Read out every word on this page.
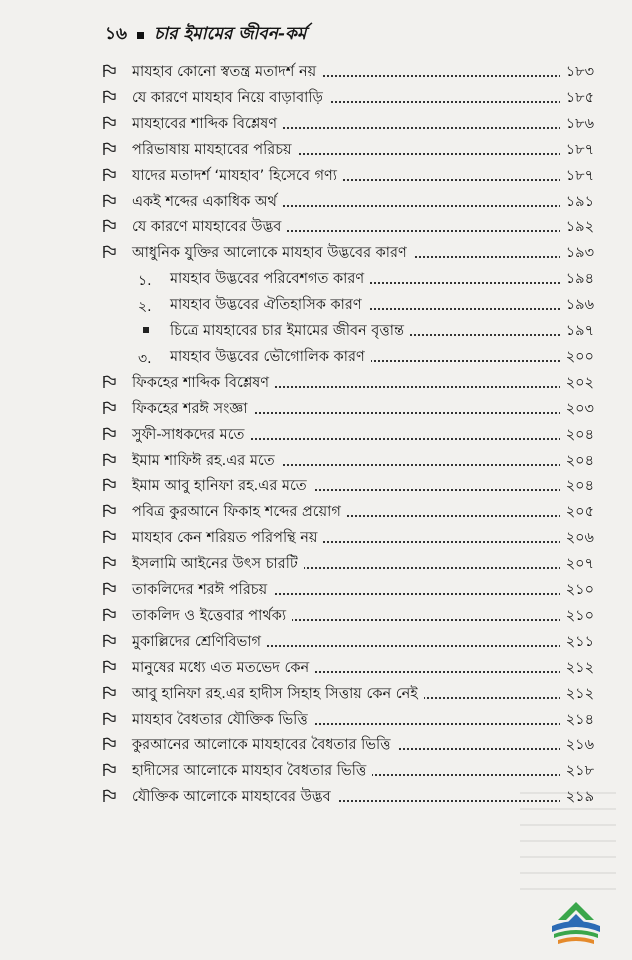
১৬ চার ইমামের জীবন-কর্ম
মাযহাব কোনো স্বতন্ত্র মতাদর্শ নয়	১৮৩
যে কারণে মাযহাব নিয়ে বাড়াবাড়ি	১৮৫
মাযহাবের শাব্দিক বিশ্লেষণ	১৮৬
পরিভাষায় মাযহাবের পরিচয়	১৮৭
যাদের মতাদর্শ ‘মাযহাব’ হিসেবে গণ্য	১৮৭
একই শব্দের একাধিক অর্থ	১৯১
যে কারণে মাযহাবের উদ্ভব	১৯২
আধুনিক যুক্তির আলোকে মাযহাব উদ্ভবের কারণ	১৯৩
১. মাযহাব উদ্ভবের পরিবেশগত কারণ	১৯৪
২. মাযহাব উদ্ভবের ঐতিহাসিক কারণ	১৯৬
চিত্রে মাযহাবের চার ইমামের জীবন বৃত্তান্ত	১৯৭
৩. মাযহাব উদ্ভবের ভৌগোলিক কারণ	২০০
ফিকহের শাব্দিক বিশ্লেষণ	২০২
ফিকহের শরঈ সংজ্ঞা	২০৩
সুফী-সাধকদের মতে	২০৪
ইমাম শাফিঈ রহ.এর মতে	২০৪
ইমাম আবু হানিফা রহ.এর মতে	২০৪
পবিত্র কুরআনে ফিকাহ শব্দের প্রয়োগ	২০৫
মাযহাব কেন শরিয়ত পরিপন্থি নয়	২০৬
ইসলামি আইনের উৎস চারটি	২০৭
তাকলিদের শরঈ পরিচয়	২১০
তাকলিদ ও ইত্তেবার পার্থক্য	২১০
মুকাল্লিদের শ্রেণিবিভাগ	২১১
মানুষের মধ্যে এত মতভেদ কেন	২১২
আবু হানিফা রহ.এর হাদীস সিহাহ সিত্তায় কেন নেই	২১২
মাযহাব বৈধতার যৌক্তিক ভিত্তি	২১৪
কুরআনের আলোকে মাযহাবের বৈধতার ভিত্তি	২১৬
হাদীসের আলোকে মাযহাব বৈধতার ভিত্তি	২১৮
যৌক্তিক আলোকে মাযহাবের উদ্ভব	২১৯
